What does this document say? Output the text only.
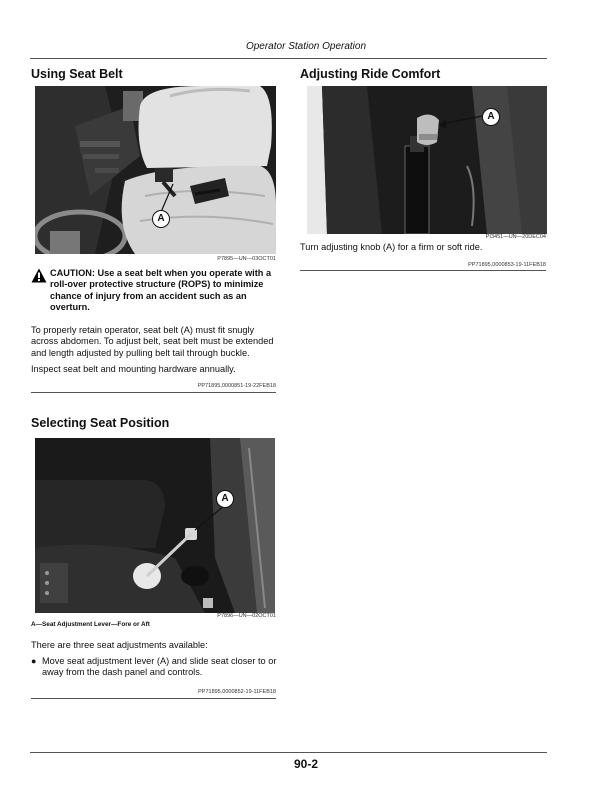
Operator Station Operation
Using Seat Belt
A
P7895—UN—03OCT01
CAUTION: Use a seat belt when you operate with a roll-over protective structure (ROPS) to minimize chance of injury from an accident such as an overturn.
To properly retain operator, seat belt (A) must fit snugly across abdomen. To adjust belt, seat belt must be extended and length adjusted by pulling belt tail through buckle.
Inspect seat belt and mounting hardware annually.
PP71895,0000851-19-22FEB18
Selecting Seat Position
A
P7896—UN—02OCT01
A—Seat Adjustment Lever—Fore or Aft
There are three seat adjustments available:
● Move seat adjustment lever (A) and slide seat closer to or away from the dash panel and controls.
PP71895,0000852-19-11FEB18
Adjusting Ride Comfort
A
PI3451—UN—20DEC04
Turn adjusting knob (A) for a firm or soft ride.
PP71895,0000853-19-11FEB18
90-2
